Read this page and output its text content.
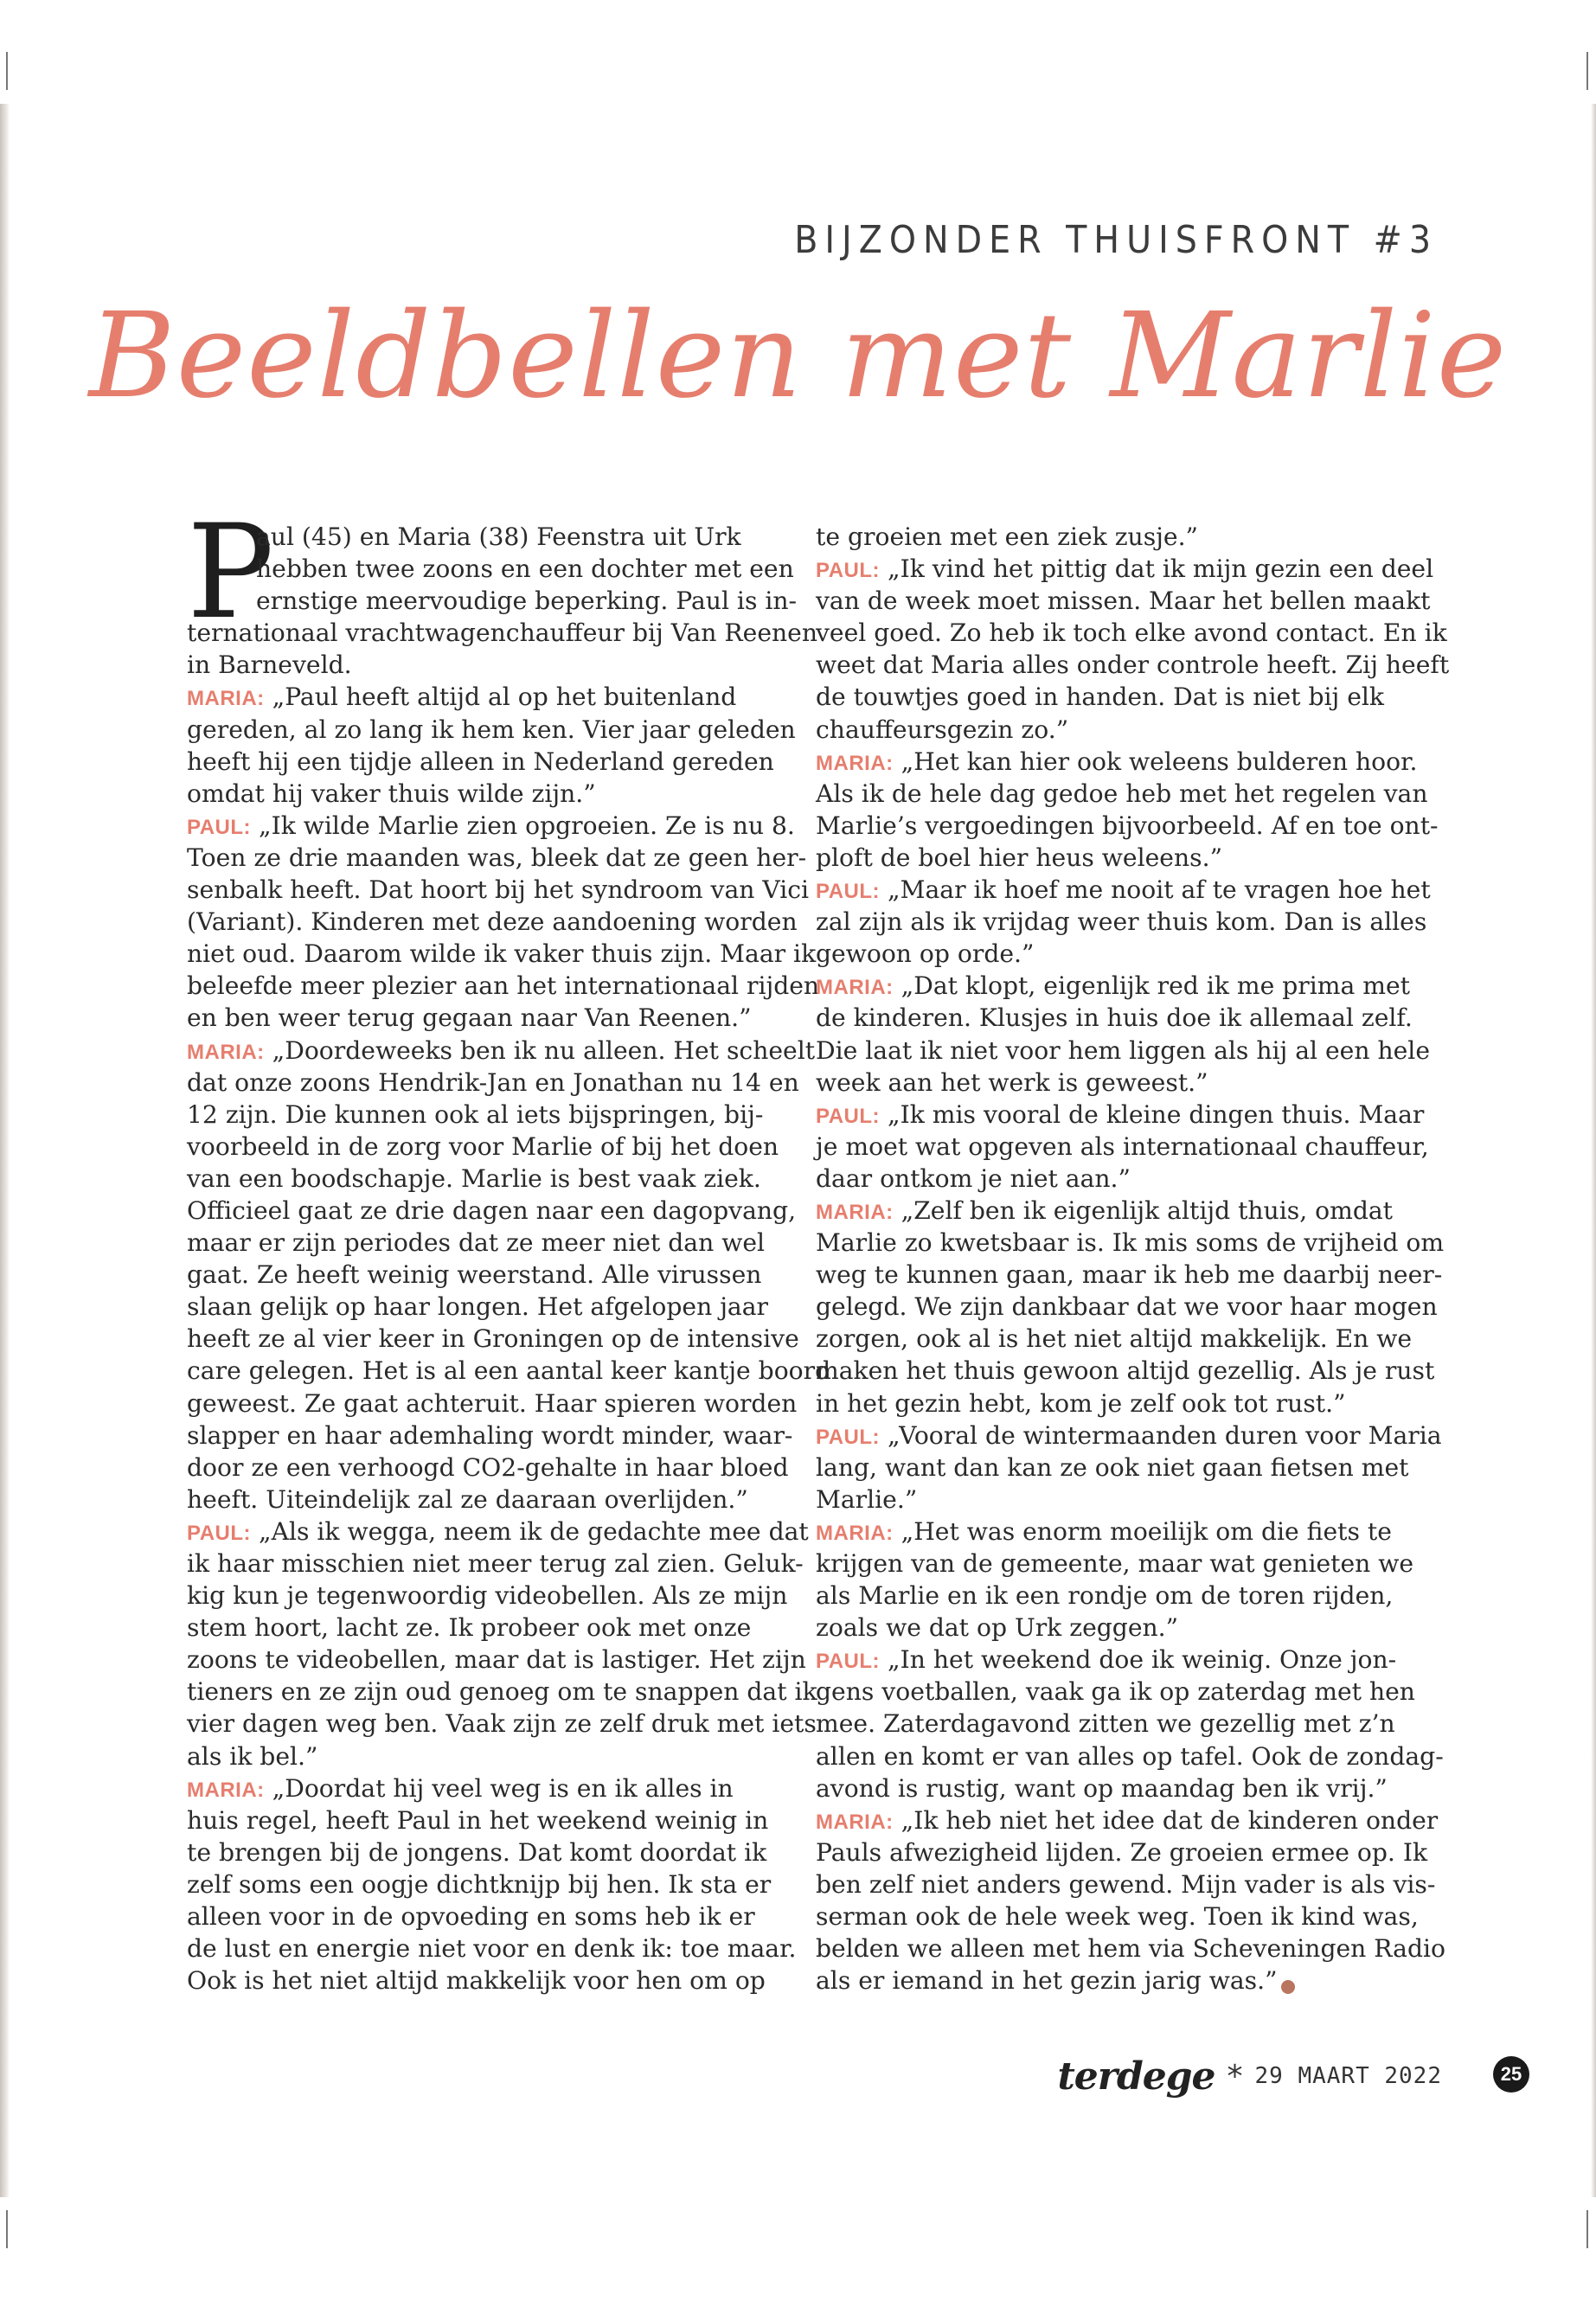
BIJZONDER THUISFRONT #3
Beeldbellen met Marlie
P
aul (45) en Maria (38) Feenstra uit Urk
hebben twee zoons en een dochter met een
ernstige meervoudige beperking. Paul is in-
ternationaal vrachtwagenchauffeur bij Van Reenen
in Barneveld.
MARIA: „Paul heeft altijd al op het buitenland
gereden, al zo lang ik hem ken. Vier jaar geleden
heeft hij een tijdje alleen in Nederland gereden
omdat hij vaker thuis wilde zijn.”
PAUL: „Ik wilde Marlie zien opgroeien. Ze is nu 8.
Toen ze drie maanden was, bleek dat ze geen her-
senbalk heeft. Dat hoort bij het syndroom van Vici
(Variant). Kinderen met deze aandoening worden
niet oud. Daarom wilde ik vaker thuis zijn. Maar ik
beleefde meer plezier aan het internationaal rijden
en ben weer terug gegaan naar Van Reenen.”
MARIA: „Doordeweeks ben ik nu alleen. Het scheelt
dat onze zoons Hendrik-Jan en Jonathan nu 14 en
12 zijn. Die kunnen ook al iets bijspringen, bij-
voorbeeld in de zorg voor Marlie of bij het doen
van een boodschapje. Marlie is best vaak ziek.
Officieel gaat ze drie dagen naar een dagopvang,
maar er zijn periodes dat ze meer niet dan wel
gaat. Ze heeft weinig weerstand. Alle virussen
slaan gelijk op haar longen. Het afgelopen jaar
heeft ze al vier keer in Groningen op de intensive
care gelegen. Het is al een aantal keer kantje boord
geweest. Ze gaat achteruit. Haar spieren worden
slapper en haar ademhaling wordt minder, waar-
door ze een verhoogd CO2-gehalte in haar bloed
heeft. Uiteindelijk zal ze daaraan overlijden.”
PAUL: „Als ik wegga, neem ik de gedachte mee dat
ik haar misschien niet meer terug zal zien. Geluk-
kig kun je tegenwoordig videobellen. Als ze mijn
stem hoort, lacht ze. Ik probeer ook met onze
zoons te videobellen, maar dat is lastiger. Het zijn
tieners en ze zijn oud genoeg om te snappen dat ik
vier dagen weg ben. Vaak zijn ze zelf druk met iets
als ik bel.”
MARIA: „Doordat hij veel weg is en ik alles in
huis regel, heeft Paul in het weekend weinig in
te brengen bij de jongens. Dat komt doordat ik
zelf soms een oogje dichtknijp bij hen. Ik sta er
alleen voor in de opvoeding en soms heb ik er
de lust en energie niet voor en denk ik: toe maar.
Ook is het niet altijd makkelijk voor hen om op
te groeien met een ziek zusje.”
PAUL: „Ik vind het pittig dat ik mijn gezin een deel
van de week moet missen. Maar het bellen maakt
veel goed. Zo heb ik toch elke avond contact. En ik
weet dat Maria alles onder controle heeft. Zij heeft
de touwtjes goed in handen. Dat is niet bij elk
chauffeursgezin zo.”
MARIA: „Het kan hier ook weleens bulderen hoor.
Als ik de hele dag gedoe heb met het regelen van
Marlie’s vergoedingen bijvoorbeeld. Af en toe ont-
ploft de boel hier heus weleens.”
PAUL: „Maar ik hoef me nooit af te vragen hoe het
zal zijn als ik vrijdag weer thuis kom. Dan is alles
gewoon op orde.”
MARIA: „Dat klopt, eigenlijk red ik me prima met
de kinderen. Klusjes in huis doe ik allemaal zelf.
Die laat ik niet voor hem liggen als hij al een hele
week aan het werk is geweest.”
PAUL: „Ik mis vooral de kleine dingen thuis. Maar
je moet wat opgeven als internationaal chauffeur,
daar ontkom je niet aan.”
MARIA: „Zelf ben ik eigenlijk altijd thuis, omdat
Marlie zo kwetsbaar is. Ik mis soms de vrijheid om
weg te kunnen gaan, maar ik heb me daarbij neer-
gelegd. We zijn dankbaar dat we voor haar mogen
zorgen, ook al is het niet altijd makkelijk. En we
maken het thuis gewoon altijd gezellig. Als je rust
in het gezin hebt, kom je zelf ook tot rust.”
PAUL: „Vooral de wintermaanden duren voor Maria
lang, want dan kan ze ook niet gaan fietsen met
Marlie.”
MARIA: „Het was enorm moeilijk om die fiets te
krijgen van de gemeente, maar wat genieten we
als Marlie en ik een rondje om de toren rijden,
zoals we dat op Urk zeggen.”
PAUL: „In het weekend doe ik weinig. Onze jon-
gens voetballen, vaak ga ik op zaterdag met hen
mee. Zaterdagavond zitten we gezellig met z’n
allen en komt er van alles op tafel. Ook de zondag-
avond is rustig, want op maandag ben ik vrij.”
MARIA: „Ik heb niet het idee dat de kinderen onder
Pauls afwezigheid lijden. Ze groeien ermee op. Ik
ben zelf niet anders gewend. Mijn vader is als vis-
serman ook de hele week weg. Toen ik kind was,
belden we alleen met hem via Scheveningen Radio
als er iemand in het gezin jarig was.”
terdege * 29 MAART 2022	25
